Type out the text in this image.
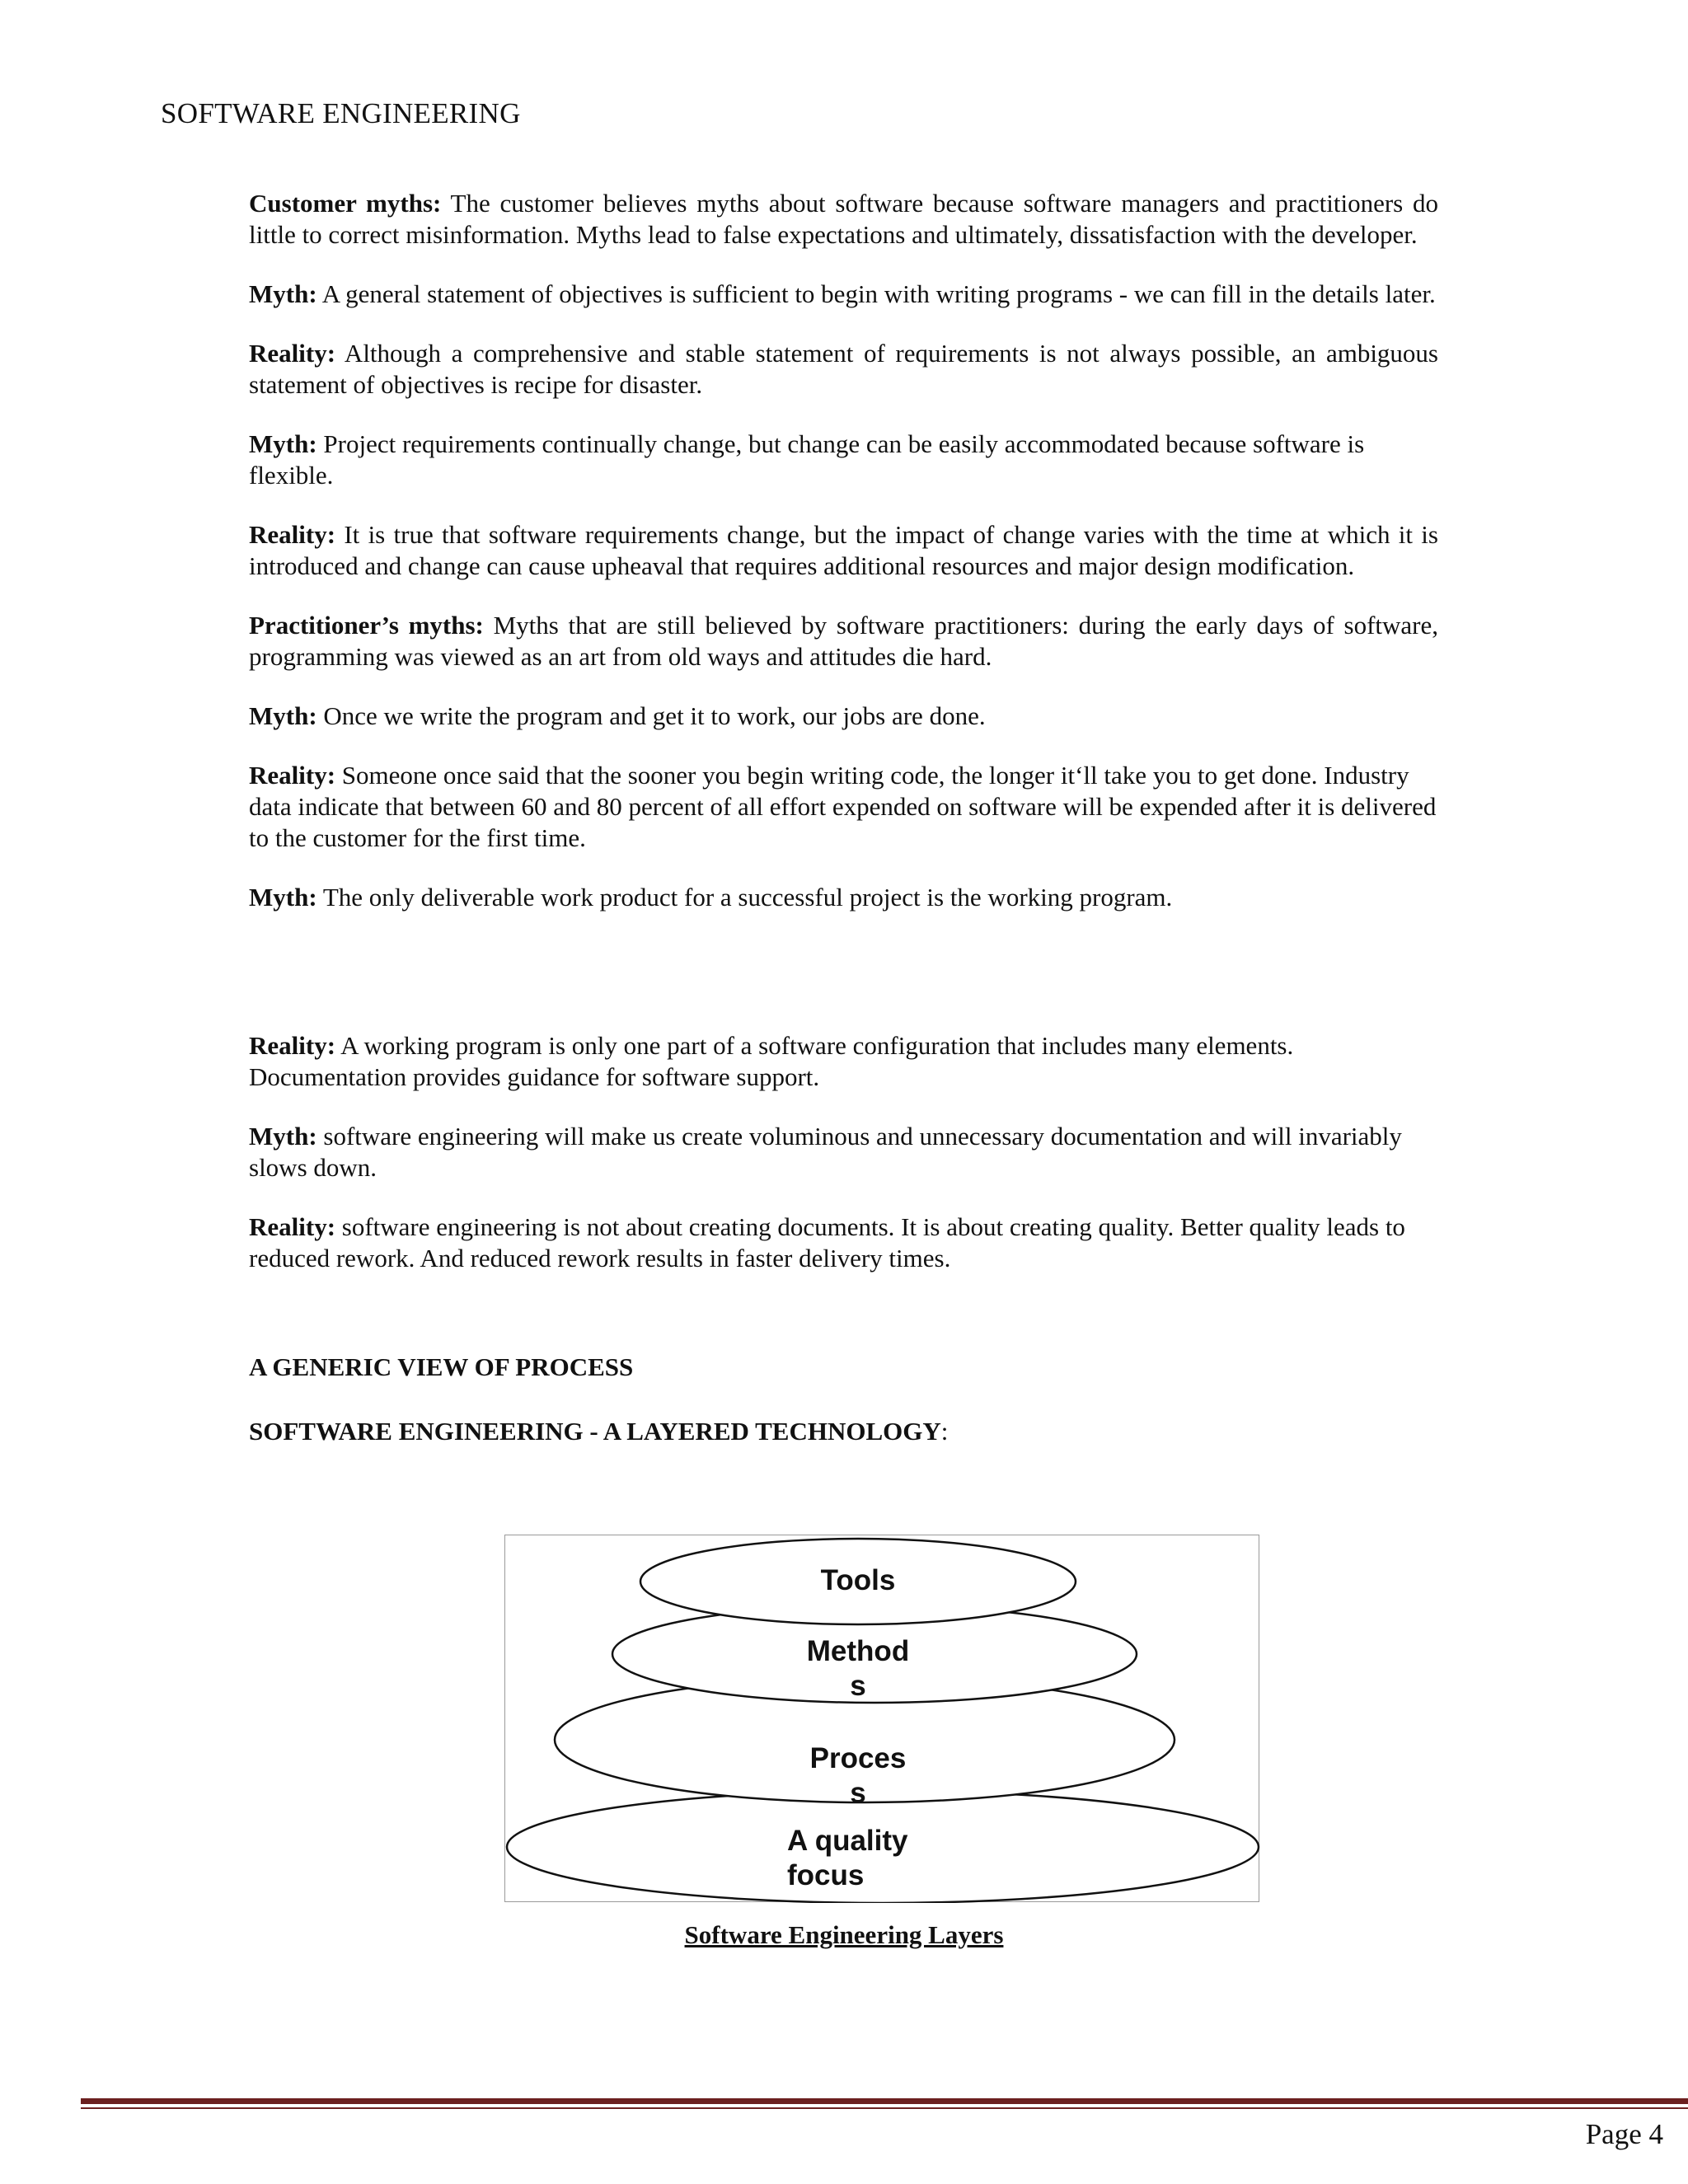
SOFTWARE ENGINEERING

Customer myths: The customer believes myths about software because software managers and practitioners do little to correct misinformation. Myths lead to false expectations and ultimately, dissatisfaction with the developer.

Myth: A general statement of objectives is sufficient to begin with writing programs - we can fill in the details later.

Reality: Although a comprehensive and stable statement of requirements is not always possible, an ambiguous statement of objectives is recipe for disaster.

Myth: Project requirements continually change, but change can be easily accommodated because software is flexible.

Reality: It is true that software requirements change, but the impact of change varies with the time at which it is introduced and change can cause upheaval that requires additional resources and major design modification.

Practitioner’s myths: Myths that are still believed by software practitioners: during the early days of software, programming was viewed as an art from old ways and attitudes die hard.

Myth: Once we write the program and get it to work, our jobs are done.

Reality: Someone once said that the sooner you begin writing code, the longer it‘ll take you to get done. Industry data indicate that between 60 and 80 percent of all effort expended on software will be expended after it is delivered to the customer for the first time.

Myth: The only deliverable work product for a successful project is the working program.

Reality: A working program is only one part of a software configuration that includes many elements. Documentation provides guidance for software support.

Myth: software engineering will make us create voluminous and unnecessary documentation and will invariably slows down.

Reality: software engineering is not about creating documents. It is about creating quality. Better quality leads to reduced rework. And reduced rework results in faster delivery times.

A GENERIC VIEW OF PROCESS

SOFTWARE ENGINEERING - A LAYERED TECHNOLOGY:

Tools
Method
s
Proces
s
A quality
focus
Software Engineering Layers
Page 4
